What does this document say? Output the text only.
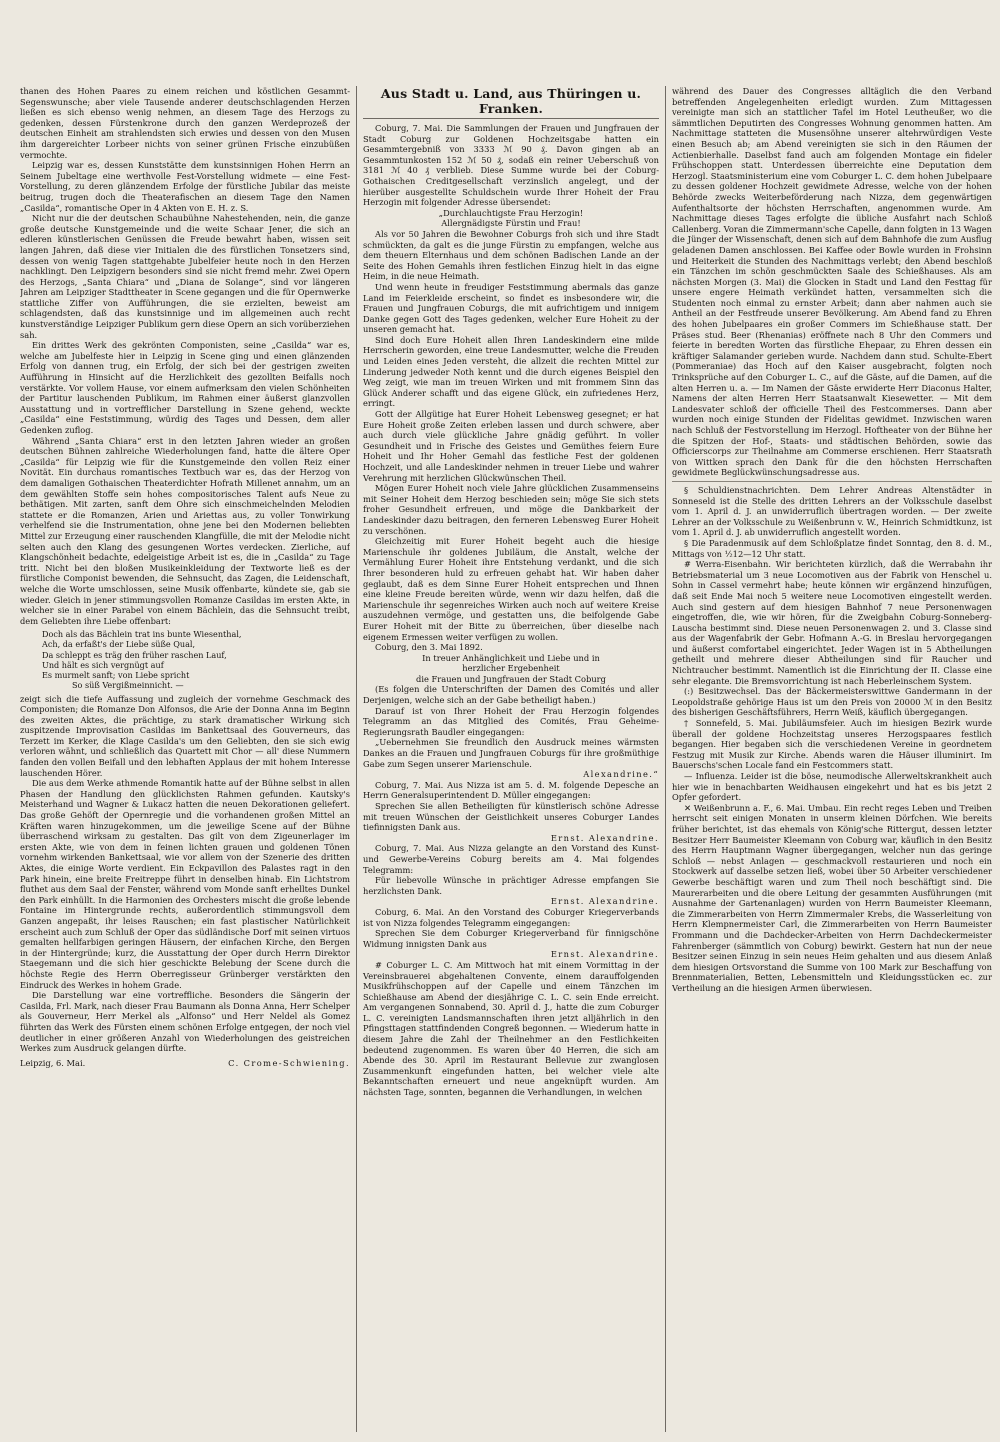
thanen des Hohen Paares zu einem reichen und köstlichen Gesammt-Segenswunsche; aber viele Tausende anderer deutschschlagenden Herzen ließen es sich ebenso wenig nehmen, an diesem Tage des Herzogs zu gedenken, dessen Fürstenkrone durch den ganzen Werdeprozeß der deutschen Einheit am strahlendsten sich erwies und dessen von den Musen ihm dargereichter Lorbeer nichts von seiner grünen Frische einzubüßen vermochte.

Leipzig war es, dessen Kunststätte dem kunstsinnigen Hohen Herrn an Seinem Jubeltage eine werthvolle Fest-Vorstellung widmete — eine Fest-Vorstellung, zu deren glänzendem Erfolge der fürstliche Jubilar das meiste beitrug, trugen doch die Theaterafischen an diesem Tage den Namen „Casilda“, romantische Oper in 4 Akten von E. H. z. S.

Nicht nur die der deutschen Schaubühne Nahestehenden, nein, die ganze große deutsche Kunstgemeinde und die weite Schaar Jener, die sich an edleren künstlerischen Genüssen die Freude bewahrt haben, wissen seit langen Jahren, daß diese vier Initialen die des fürstlichen Tonsetzers sind, dessen von wenig Tagen stattgehabte Jubelfeier heute noch in den Herzen nachklingt. Den Leipzigern besonders sind sie nicht fremd mehr. Zwei Opern des Herzogs, „Santa Chiara“ und „Diana de Solange“, sind vor längeren Jahren am Leipziger Stadttheater in Scene gegangen und die für Opernwerke stattliche Ziffer von Aufführungen, die sie erzielten, beweist am schlagendsten, daß das kunstsinnige und im allgemeinen auch recht kunstverständige Leipziger Publikum gern diese Opern an sich vorüberziehen sah.

Ein drittes Werk des gekrönten Componisten, seine „Casilda“ war es, welche am Jubelfeste hier in Leipzig in Scene ging und einen glänzenden Erfolg von dannen trug, ein Erfolg, der sich bei der gestrigen zweiten Aufführung in Hinsicht auf die Herzlichkeit des gezollten Beifalls noch verstärkte. Vor vollem Hause, vor einem aufmerksam den vielen Schönheiten der Partitur lauschenden Publikum, im Rahmen einer äußerst glanzvollen Ausstattung und in vortrefflicher Darstellung in Szene gehend, weckte „Casilda“ eine Feststimmung, würdig des Tages und Dessen, dem aller Gedenken zuflog.

Während „Santa Chiara“ erst in den letzten Jahren wieder an großen deutschen Bühnen zahlreiche Wiederholungen fand, hatte die ältere Oper „Casilda“ für Leipzig wie für die Kunstgemeinde den vollen Reiz einer Novität. Ein durchaus romantisches Textbuch war es, das der Herzog von dem damaligen Gothaischen Theaterdichter Hofrath Millenet annahm, um an dem gewählten Stoffe sein hohes compositorisches Talent aufs Neue zu bethätigen. Mit zarten, sanft dem Ohre sich einschmeichelnden Melodien stattete er die Romanzen, Arien und Ariettas aus, zu voller Tonwirkung verhelfend sie die Instrumentation, ohne jene bei den Modernen beliebten Mittel zur Erzeugung einer rauschenden Klangfülle, die mit der Melodie nicht selten auch den Klang des gesungenen Wortes verdecken. Zierliche, auf Klangschönheit bedachte, edelgeistige Arbeit ist es, die in „Casilda“ zu Tage tritt. Nicht bei den bloßen Musikeinkleidung der Textworte ließ es der fürstliche Componist bewenden, die Sehnsucht, das Zagen, die Leidenschaft, welche die Worte umschlossen, seine Musik offenbarte, kündete sie, gab sie wieder. Gleich in jener stimmungsvollen Romanze Casildas im ersten Akte, in welcher sie in einer Parabel von einem Bächlein, das die Sehnsucht treibt, dem Geliebten ihre Liebe offenbart:

Doch als das Bächlein trat ins bunte Wiesenthal,
Ach, da erfaßt's der Liebe süße Qual,
Da schleppt es träg den früher raschen Lauf,
Und hält es sich vergnügt auf
Es murmelt sanft; von Liebe spricht
So süß Vergißmeinnicht. —

zeigt sich die tiefe Auffassung und zugleich der vornehme Geschmack des Componisten; die Romanze Don Alfonsos, die Arie der Donna Anna im Beginn des zweiten Aktes, die prächtige, zu stark dramatischer Wirkung sich zuspitzende Improvisation Casildas im Bankettsaal des Gouverneurs, das Terzett im Kerker, die Klage Casilda's um den Geliebten, den sie sich ewig verloren wähnt, und schließlich das Quartett mit Chor — all' diese Nummern fanden den vollen Beifall und den lebhaften Applaus der mit hohem Interesse lauschenden Hörer.

Die aus dem Werke athmende Romantik hatte auf der Bühne selbst in allen Phasen der Handlung den glücklichsten Rahmen gefunden. Kautsky's Meisterhand und Wagner & Lukacz hatten die neuen Dekorationen geliefert. Das große Gehöft der Opernregie und die vorhandenen großen Mittel an Kräften waren hinzugekommen, um die jeweilige Scene auf der Bühne überraschend wirksam zu gestalten. Das gilt von dem Zigeunerlager im ersten Akte, wie von dem in feinen lichten grauen und goldenen Tönen vornehm wirkenden Bankettsaal, wie vor allem von der Szenerie des dritten Aktes, die einige Worte verdient. Ein Eckpavillon des Palastes ragt in den Park hinein, eine breite Freitreppe führt in denselben hinab. Ein Lichtstrom fluthet aus dem Saal der Fenster, während vom Monde sanft erhelltes Dunkel den Park einhüllt. In die Harmonien des Orchesters mischt die große lebende Fontaine im Hintergrunde rechts, außerordentlich stimmungsvoll dem Ganzen angepaßt, ihr leises Rauschen; ein fast plastischer Natürlichkeit erscheint auch zum Schluß der Oper das südländische Dorf mit seinen virtuos gemalten hellfarbigen geringen Häusern, der einfachen Kirche, den Bergen in der Hintergründe; kurz, die Ausstattung der Oper durch Herrn Direktor Staegemann und die sich hier geschickte Belebung der Scene durch die höchste Regie des Herrn Oberregisseur Grünberger verstärkten den Eindruck des Werkes in hohem Grade.

Die Darstellung war eine vortreffliche. Besonders die Sängerin der Casilda, Frl. Mark, nach dieser Frau Baumann als Donna Anna, Herr Schelper als Gouverneur, Herr Merkel als „Alfonso“ und Herr Neldel als Gomez führten das Werk des Fürsten einem schönen Erfolge entgegen, der noch viel deutlicher in einer größeren Anzahl von Wiederholungen des geistreichen Werkes zum Ausdruck gelangen dürfte.

Leipzig, 6. Mai.	C. Crome-Schwiening.
Aus Stadt u. Land, aus Thüringen u. Franken.

Coburg, 7. Mai. Die Sammlungen der Frauen und Jungfrauen der Stadt Coburg zur Goldenen Hochzeitsgabe hatten ein Gesammtergebniß von 3333 ℳ 90 ₰. Davon gingen ab an Gesammtunkosten 152 ℳ 50 ₰, sodaß ein reiner Ueberschuß von 3181 ℳ 40 ₰ verblieb. Diese Summe wurde bei der Coburg-Gothaischen Creditgesellschaft verzinslich angelegt, und der hierüber ausgestellte Schuldschein wurde Ihrer Hoheit der Frau Herzogin mit folgender Adresse übersendet:

„Durchlauchtigste Frau Herzogin!

Allergnädigste Fürstin und Frau!

Als vor 50 Jahren die Bewohner Coburgs froh sich und ihre Stadt schmückten, da galt es die junge Fürstin zu empfangen, welche aus dem theuern Elternhaus und dem schönen Badischen Lande an der Seite des Hohen Gemahls ihren festlichen Einzug hielt in das eigne Heim, in die neue Heimath.

Und wenn heute in freudiger Feststimmung abermals das ganze Land im Feierkleide erscheint, so findet es insbesondere wir, die Frauen und Jungfrauen Coburgs, die mit aufrichtigem und innigem Danke gegen Gott des Tages gedenken, welcher Eure Hoheit zu der unseren gemacht hat.

Sind doch Eure Hoheit allen Ihren Landeskindern eine milde Herrscherin geworden, eine treue Landesmutter, welche die Freuden und Leiden eines Jeden versteht, die allzeit die rechten Mittel zur Linderung jedweder Noth kennt und die durch eigenes Beispiel den Weg zeigt, wie man im treuen Wirken und mit frommem Sinn das Glück Anderer schafft und das eigene Glück, ein zufriedenes Herz, erringt.

Gott der Allgütige hat Eurer Hoheit Lebensweg gesegnet; er hat Eure Hoheit große Zeiten erleben lassen und durch schwere, aber auch durch viele glückliche Jahre gnädig geführt. In voller Gesundheit und in Frische des Geistes und Gemüthes feiern Eure Hoheit und Ihr Hoher Gemahl das festliche Fest der goldenen Hochzeit, und alle Landeskinder nehmen in treuer Liebe und wahrer Verehrung mit herzlichen Glückwünschen Theil.

Mögen Eurer Hoheit noch viele Jahre glücklichen Zusammenseins mit Seiner Hoheit dem Herzog beschieden sein; möge Sie sich stets froher Gesundheit erfreuen, und möge die Dankbarkeit der Landeskinder dazu beitragen, den ferneren Lebensweg Eurer Hoheit zu verschönen.

Gleichzeitig mit Eurer Hoheit begeht auch die hiesige Marienschule ihr goldenes Jubiläum, die Anstalt, welche der Vermählung Eurer Hoheit ihre Entstehung verdankt, und die sich Ihrer besonderen huld zu erfreuen gehabt hat. Wir haben daher geglaubt, daß es dem Sinne Eurer Hoheit entsprechen und Ihnen eine kleine Freude bereiten würde, wenn wir dazu helfen, daß die Marienschule ihr segenreiches Wirken auch noch auf weitere Kreise auszudehnen vermöge, und gestatten uns, die beifolgende Gabe Eurer Hoheit mit der Bitte zu überreichen, über dieselbe nach eigenem Ermessen weiter verfügen zu wollen.

Coburg, den 3. Mai 1892.

In treuer Anhänglichkeit und Liebe und in

herzlicher Ergebenheit

die Frauen und Jungfrauen der Stadt Coburg

(Es folgen die Unterschriften der Damen des Comités und aller Derjenigen, welche sich an der Gabe betheiligt haben.)

Darauf ist von Ihrer Hoheit der Frau Herzogin folgendes Telegramm an das Mitglied des Comités, Frau Geheime-Regierungsrath Baudler eingegangen:

„Uebernehmen Sie freundlich den Ausdruck meines wärmsten Dankes an die Frauen und Jungfrauen Coburgs für ihre großmüthige Gabe zum Segen unserer Marienschule.

Alexandrine.“

Coburg, 7. Mai. Aus Nizza ist am 5. d. M. folgende Depesche an Herrn Generalsuperintendent D. Müller eingegangen:

Sprechen Sie allen Betheiligten für künstlerisch schöne Adresse mit treuen Wünschen der Geistlichkeit unseres Coburger Landes tiefinnigsten Dank aus.

Ernst. Alexandrine.

Coburg, 7. Mai. Aus Nizza gelangte an den Vorstand des Kunst- und Gewerbe-Vereins Coburg bereits am 4. Mai folgendes Telegramm:

Für liebevolle Wünsche in prächtiger Adresse empfangen Sie herzlichsten Dank.

Ernst. Alexandrine.

Coburg, 6. Mai. An den Vorstand des Coburger Kriegerverbands ist von Nizza folgendes Telegramm eingegangen:

Sprechen Sie dem Coburger Kriegerverband für finnigschöne Widmung innigsten Dank aus

Ernst. Alexandrine.

# Coburger L. C. Am Mittwoch hat mit einem Vormittag in der Vereinsbrauerei abgehaltenen Convente, einem darauffolgenden Musikfrühschoppen auf der Capelle und einem Tänzchen im Schießhause am Abend der diesjährige C. L. C. sein Ende erreicht. Am vergangenen Sonnabend, 30. April d. J., hatte die zum Coburger L. C. vereinigten Landsmannschaften ihren jetzt alljährlich in den Pfingsttagen stattfindenden Congreß begonnen. — Wiederum hatte in diesem Jahre die Zahl der Theilnehmer an den Festlichkeiten bedeutend zugenommen. Es waren über 40 Herren, die sich am Abende des 30. April im Restaurant Bellevue zur zwanglosen Zusammenkunft eingefunden hatten, bei welcher viele alte Bekanntschaften erneuert und neue angeknüpft wurden. Am nächsten Tage, sonnten, begannen die Verhandlungen, in welchen

während des Dauer des Congresses alltäglich die den Verband betreffenden Angelegenheiten erledigt wurden. Zum Mittagessen vereinigte man sich an stattlicher Tafel im Hotel Leutheußer, wo die sämmtlichen Deputirten des Congresses Wohnung genommen hatten. Am Nachmittage statteten die Musensöhne unserer altehrwürdigen Veste einen Besuch ab; am Abend vereinigten sie sich in den Räumen der Actienbierhalle. Daselbst fand auch am folgenden Montage ein fideler Frühschoppen statt. Unterdessen überreichte eine Deputation dem Herzogl. Staatsministerium eine vom Coburger L. C. dem hohen Jubelpaare zu dessen goldener Hochzeit gewidmete Adresse, welche von der hohen Behörde zwecks Weiterbeförderung nach Nizza, dem gegenwärtigen Aufenthaltsorte der höchsten Herrschaften, angenommen wurde. Am Nachmittage dieses Tages erfolgte die übliche Ausfahrt nach Schloß Callenberg. Voran die Zimmermann'sche Capelle, dann folgten in 13 Wagen die Jünger der Wissenschaft, denen sich auf dem Bahnhofe die zum Ausflug geladenen Damen anschlossen. Bei Kaffee oder Bowle wurden in Frohsinn und Heiterkeit die Stunden des Nachmittags verlebt; den Abend beschloß ein Tänzchen im schön geschmückten Saale des Schießhauses. Als am nächsten Morgen (3. Mai) die Glocken in Stadt und Land den Festtag für unsere engere Heimath verkündet hatten, versammelten sich die Studenten noch einmal zu ernster Arbeit; dann aber nahmen auch sie Antheil an der Festfreude unserer Bevölkerung. Am Abend fand zu Ehren des hohen Jubelpaares ein großer Commers im Schießhause statt. Der Präses stud. Beer (Rhenanias) eröffnete nach 8 Uhr den Commers und feierte in beredten Worten das fürstliche Ehepaar, zu Ehren dessen ein kräftiger Salamander gerieben wurde. Nachdem dann stud. Schulte-Ebert (Pommeraniae) das Hoch auf den Kaiser ausgebracht, folgten noch Trinksprüche auf den Coburger L. C., auf die Gäste, auf die Damen, auf die alten Herren u. a. — Im Namen der Gäste erwiderte Herr Diaconus Halter, Namens der alten Herren Herr Staatsanwalt Kiesewetter. — Mit dem Landesvater schloß der officielle Theil des Festcommerses. Dann aber wurden noch einige Stunden der Fidelitas gewidmet. Inzwischen waren nach Schluß der Festvorstellung im Herzogl. Hoftheater von der Bühne her die Spitzen der Hof-, Staats- und städtischen Behörden, sowie das Officierscorps zur Theilnahme am Commerse erschienen. Herr Staatsrath von Wittken sprach den Dank für die den höchsten Herrschaften gewidmete Beglückwünschungsadresse aus.

§ Schuldienstnachrichten. Dem Lehrer Andreas Altenstädter in Sonneseld ist die Stelle des dritten Lehrers an der Volksschule daselbst vom 1. April d. J. an unwiderruflich übertragen worden. — Der zweite Lehrer an der Volksschule zu Weißenbrunn v. W., Heinrich Schmidtkunz, ist vom 1. April d. J. ab unwiderruflich angestellt worden.

§ Die Paradenmusik auf dem Schloßplatze findet Sonntag, den 8. d. M., Mittags von ½12—12 Uhr statt.

# Werra-Eisenbahn. Wir berichteten kürzlich, daß die Werrabahn ihr Betriebsmaterial um 3 neue Locomotiven aus der Fabrik von Henschel u. Sohn in Cassel vermehrt habe; heute können wir ergänzend hinzufügen, daß seit Ende Mai noch 5 weitere neue Locomotiven eingestellt werden. Auch sind gestern auf dem hiesigen Bahnhof 7 neue Personenwagen eingetroffen, die, wie wir hören, für die Zweigbahn Coburg-Sonneberg-Lauscha bestimmt sind. Diese neuen Personenwagen 2. und 3. Classe sind aus der Wagenfabrik der Gebr. Hofmann A.-G. in Breslau hervorgegangen und äußerst comfortabel eingerichtet. Jeder Wagen ist in 5 Abtheilungen getheilt und mehrere dieser Abtheilungen sind für Raucher und Nichtraucher bestimmt. Namentlich ist die Einrichtung der II. Classe eine sehr elegante. Die Bremsvorrichtung ist nach Heberleinschem System.

(:) Besitzwechsel. Das der Bäckermeisterswittwe Gandermann in der Leopoldstraße gehörige Haus ist um den Preis von 20000 ℳ in den Besitz des bisherigen Geschäftsführers, Herrn Weiß, käuflich übergegangen.

† Sonnefeld, 5. Mai. Jubiläumsfeier. Auch im hiesigen Bezirk wurde überall der goldene Hochzeitstag unseres Herzogspaares festlich begangen. Hier begaben sich die verschiedenen Vereine in geordnetem Festzug mit Musik zur Kirche. Abends waren die Häuser illuminirt. Im Bauerschs'schen Locale fand ein Festcommers statt.

— Influenza. Leider ist die böse, neumodische Allerweltskrankheit auch hier wie in benachbarten Weidhausen eingekehrt und hat es bis jetzt 2 Opfer gefordert.

✕ Weißenbrunn a. F., 6. Mai. Umbau. Ein recht reges Leben und Treiben herrscht seit einigen Monaten in unserm kleinen Dörfchen. Wie bereits früher berichtet, ist das ehemals von König'sche Rittergut, dessen letzter Besitzer Herr Baumeister Kleemann von Coburg war, käuflich in den Besitz des Herrn Hauptmann Wagner übergegangen, welcher nun das geringe Schloß — nebst Anlagen — geschmackvoll restaurieren und noch ein Stockwerk auf dasselbe setzen ließ, wobei über 50 Arbeiter verschiedener Gewerbe beschäftigt waren und zum Theil noch beschäftigt sind. Die Maurerarbeiten und die obere Leitung der gesammten Ausführungen (mit Ausnahme der Gartenanlagen) wurden von Herrn Baumeister Kleemann, die Zimmerarbeiten von Herrn Zimmermaler Krebs, die Wasserleitung von Herrn Klempnermeister Carl, die Zimmerarbeiten von Herrn Baumeister Frommann und die Dachdecker-Arbeiten von Herrn Dachdeckermeister Fahrenberger (sämmtlich von Coburg) bewirkt. Gestern hat nun der neue Besitzer seinen Einzug in sein neues Heim gehalten und aus diesem Anlaß dem hiesigen Ortsvorstand die Summe von 100 Mark zur Beschaffung von Brennmaterialien, Betten, Lebensmitteln und Kleidungsstücken ec. zur Vertheilung an die hiesigen Armen überwiesen.
